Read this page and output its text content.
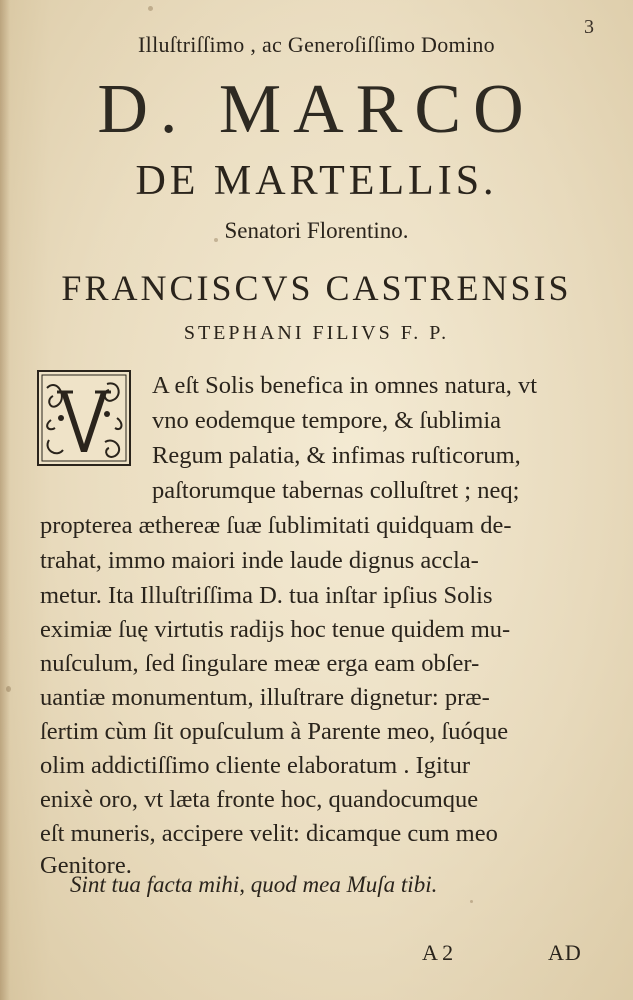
3
Illuſtriſſimo , ac Generoſiſſimo Domino
D. MARCO
DE MARTELLIS.
Senatori Florentino.
FRANCISCVS CASTRENSIS
STEPHANI FILIVS F. P.
A eſt Solis benefica in omnes natura, vt
vno eodemque tempore, & ſublimia
Regum palatia, & infimas ruſticorum,
paſtorumque tabernas colluſtret ; neq;
propterea æthereæ ſuæ ſublimitati quidquam de-
trahat, immo maiori inde laude dignus accla-
metur. Ita Illuſtriſſima D. tua inſtar ipſius Solis
eximiæ ſuę virtutis radijs hoc tenue quidem mu-
nuſculum, ſed ſingulare meæ erga eam obſer-
uantiæ monumentum, illuſtrare dignetur: præ-
ſertim cùm ſit opuſculum à Parente meo, ſuóque
olim addictiſſimo cliente elaboratum . Igitur
enixè oro, vt læta fronte hoc, quandocumque
eſt muneris, accipere velit: dicamque cum meo
Genitore.
Sint tua facta mihi, quod mea Muſa tibi.
A 2	AD
